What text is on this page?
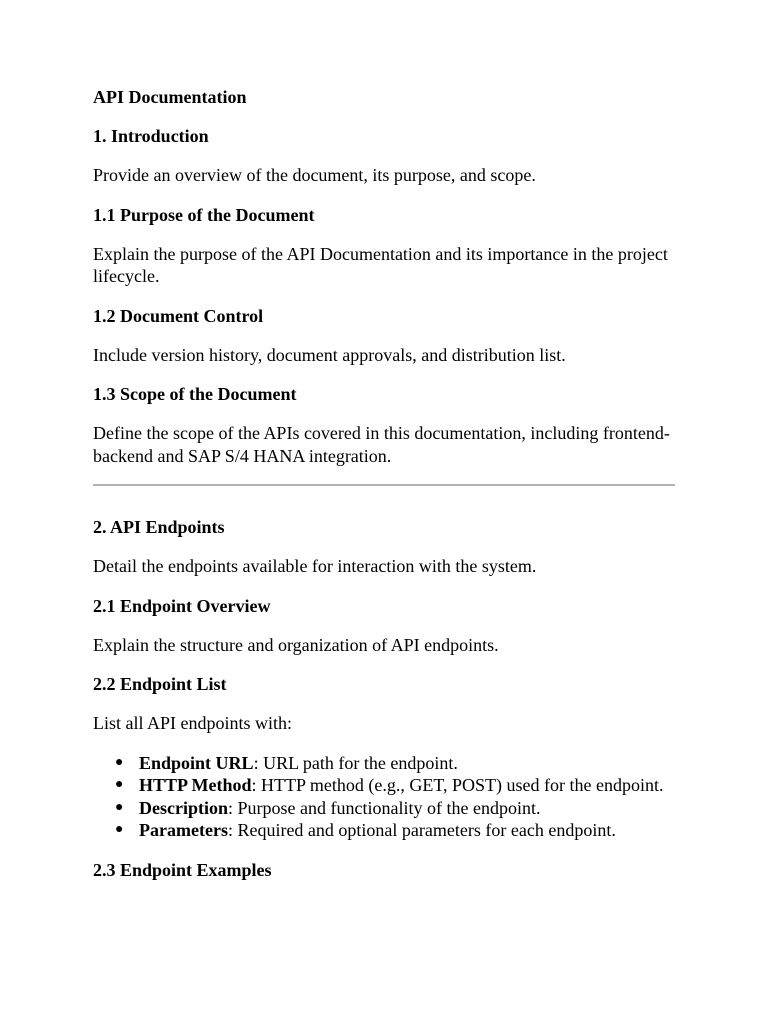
API Documentation
1. Introduction
Provide an overview of the document, its purpose, and scope.
1.1 Purpose of the Document
Explain the purpose of the API Documentation and its importance in the project lifecycle.
1.2 Document Control
Include version history, document approvals, and distribution list.
1.3 Scope of the Document
Define the scope of the APIs covered in this documentation, including frontend-backend and SAP S/4 HANA integration.
2. API Endpoints
Detail the endpoints available for interaction with the system.
2.1 Endpoint Overview
Explain the structure and organization of API endpoints.
2.2 Endpoint List
List all API endpoints with:
● Endpoint URL: URL path for the endpoint.
● HTTP Method: HTTP method (e.g., GET, POST) used for the endpoint.
● Description: Purpose and functionality of the endpoint.
● Parameters: Required and optional parameters for each endpoint.
2.3 Endpoint Examples
